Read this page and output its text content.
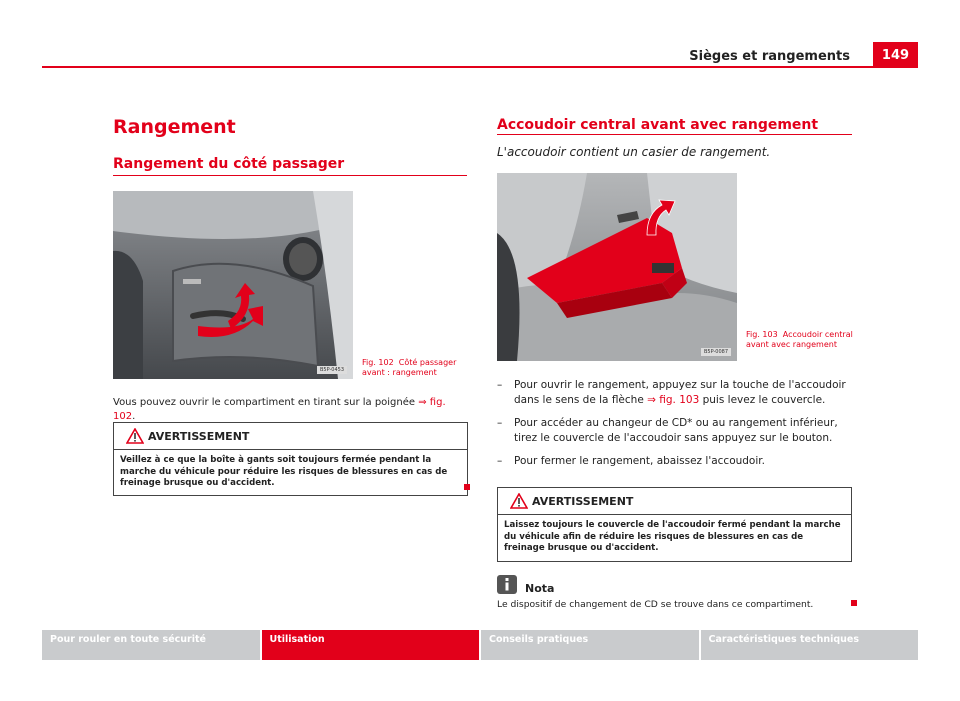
Sièges et rangements	149
Rangement
Rangement du côté passager
B5P-0453
Fig. 102 Côté passager avant : rangement
Vous pouvez ouvrir le compartiment en tirant sur la poignée ⇒ fig. 102.
AVERTISSEMENT
Veillez à ce que la boîte à gants soit toujours fermée pendant la marche du véhicule pour réduire les risques de blessures en cas de freinage brusque ou d'accident.
Accoudoir central avant avec rangement
L'accoudoir contient un casier de rangement.
B5P-0087
Fig. 103 Accoudoir central avant avec rangement
– Pour ouvrir le rangement, appuyez sur la touche de l'accoudoir dans le sens de la flèche ⇒ fig. 103 puis levez le couvercle.
– Pour accéder au changeur de CD* ou au rangement inférieur, tirez le couvercle de l'accoudoir sans appuyez sur le bouton.
– Pour fermer le rangement, abaissez l'accoudoir.
AVERTISSEMENT
Laissez toujours le couvercle de l'accoudoir fermé pendant la marche du véhicule afin de réduire les risques de blessures en cas de freinage brusque ou d'accident.
Nota
Le dispositif de changement de CD se trouve dans ce compartiment.
Pour rouler en toute sécurité	Utilisation	Conseils pratiques	Caractéristiques techniques
